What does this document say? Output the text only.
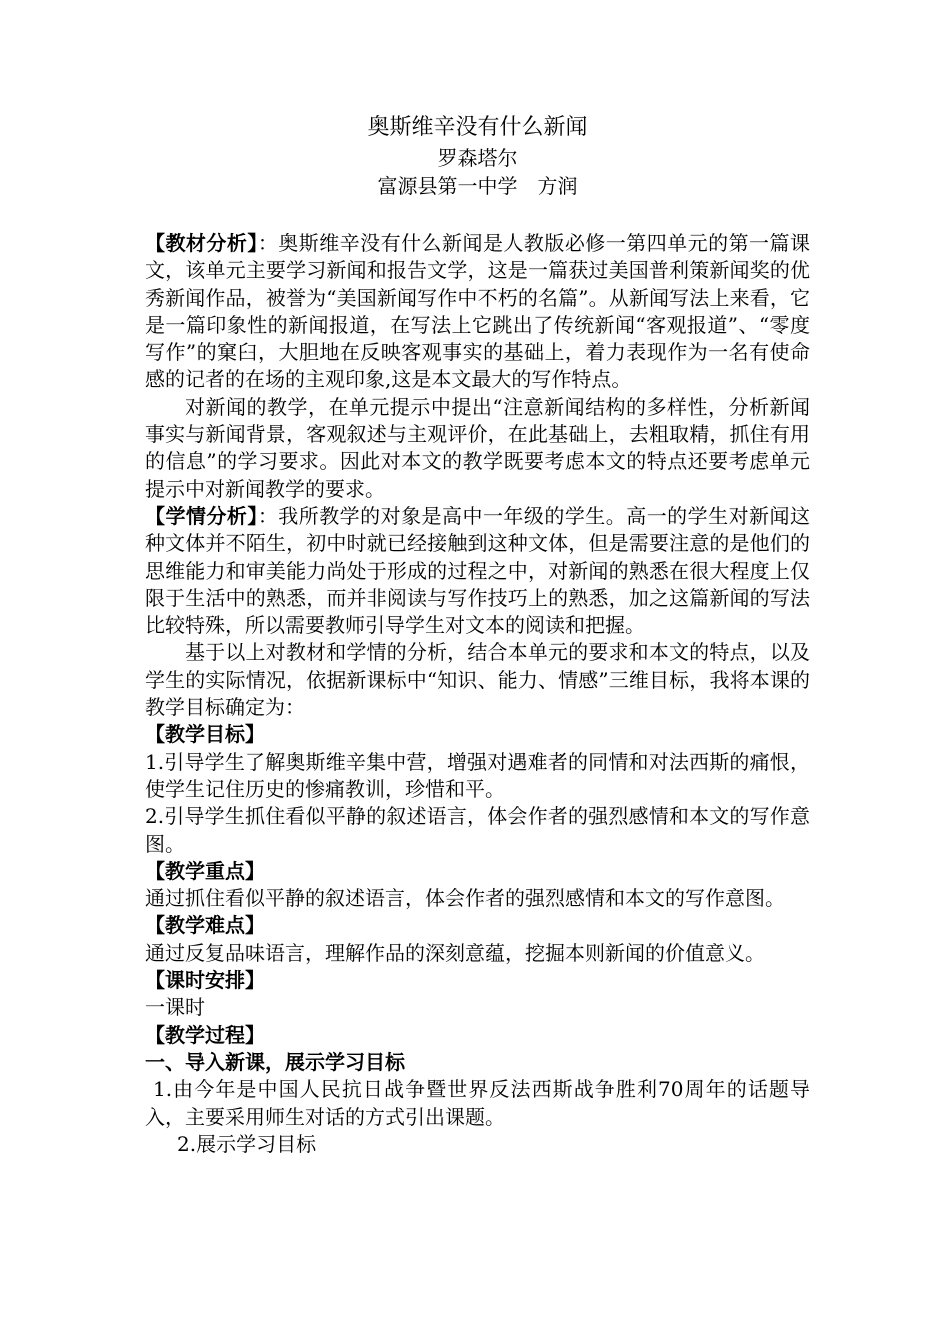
奥斯维辛没有什么新闻

罗森塔尔

富源县第一中学　方润

【教材分析】：奥斯维辛没有什么新闻是人教版必修一第四单元的第一篇课文，该单元主要学习新闻和报告文学，这是一篇获过美国普利策新闻奖的优秀新闻作品，被誉为“美国新闻写作中不朽的名篇”。从新闻写法上来看，它是一篇印象性的新闻报道，在写法上它跳出了传统新闻“客观报道”、“零度写作”的窠臼，大胆地在反映客观事实的基础上，着力表现作为一名有使命感的记者的在场的主观印象,这是本文最大的写作特点。

对新闻的教学，在单元提示中提出“注意新闻结构的多样性，分析新闻事实与新闻背景，客观叙述与主观评价，在此基础上，去粗取精，抓住有用的信息”的学习要求。因此对本文的教学既要考虑本文的特点还要考虑单元提示中对新闻教学的要求。

【学情分析】：我所教学的对象是高中一年级的学生。高一的学生对新闻这种文体并不陌生，初中时就已经接触到这种文体，但是需要注意的是他们的思维能力和审美能力尚处于形成的过程之中，对新闻的熟悉在很大程度上仅限于生活中的熟悉，而并非阅读与写作技巧上的熟悉，加之这篇新闻的写法比较特殊，所以需要教师引导学生对文本的阅读和把握。

基于以上对教材和学情的分析，结合本单元的要求和本文的特点，以及学生的实际情况，依据新课标中“知识、能力、情感”三维目标，我将本课的教学目标确定为：

【教学目标】

1.引导学生了解奥斯维辛集中营，增强对遇难者的同情和对法西斯的痛恨，使学生记住历史的惨痛教训，珍惜和平。

2.引导学生抓住看似平静的叙述语言，体会作者的强烈感情和本文的写作意图。

【教学重点】

通过抓住看似平静的叙述语言，体会作者的强烈感情和本文的写作意图。

【教学难点】

通过反复品味语言，理解作品的深刻意蕴，挖掘本则新闻的价值意义。

【课时安排】

一课时

【教学过程】

一、导入新课，展示学习目标

1.由今年是中国人民抗日战争暨世界反法西斯战争胜利70周年的话题导入，主要采用师生对话的方式引出课题。

2.展示学习目标
